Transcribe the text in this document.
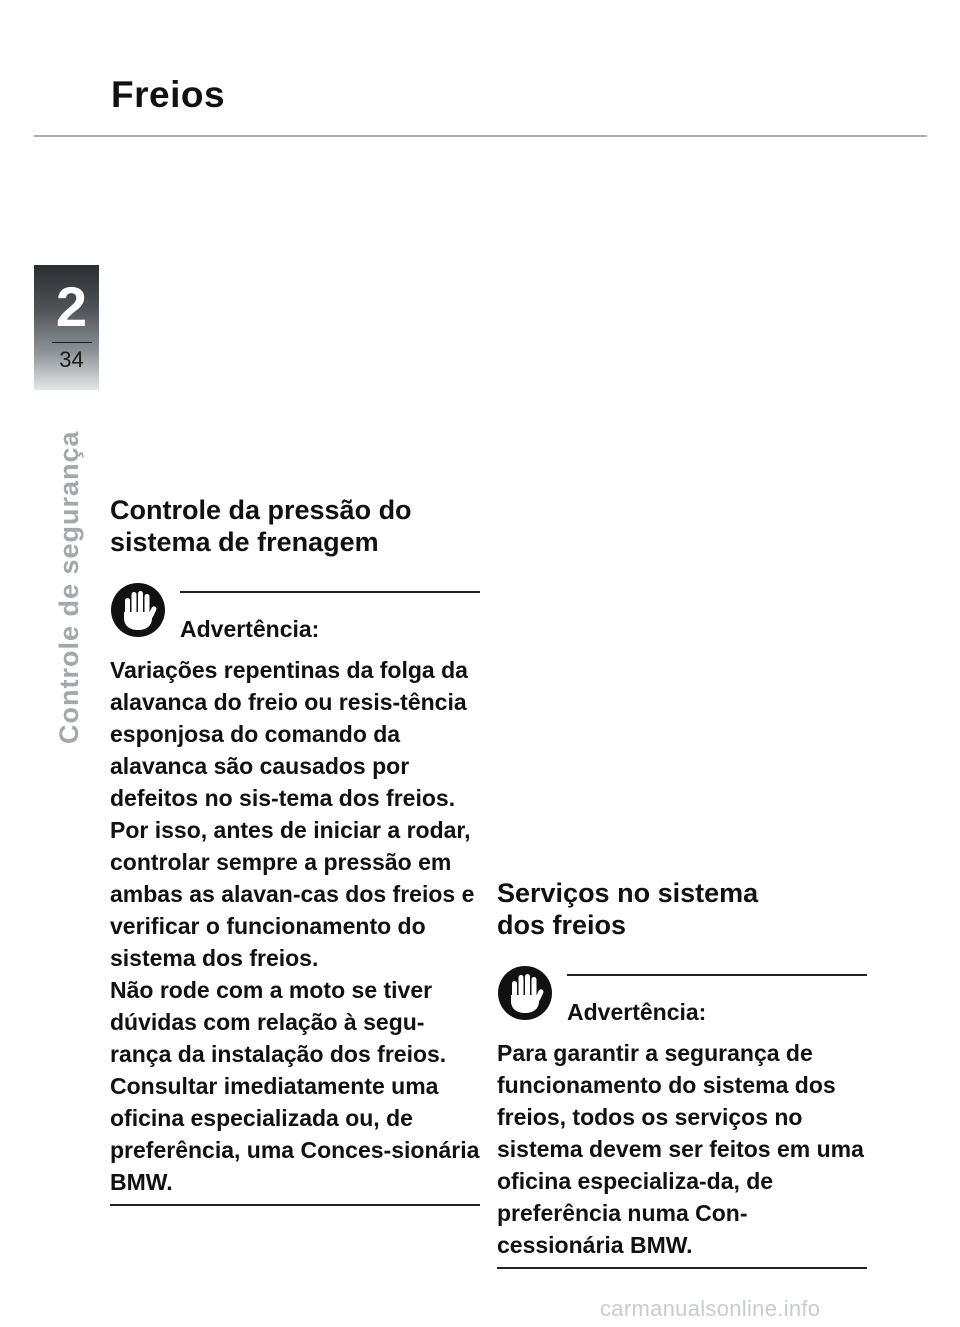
Freios
2
34
Controle de segurança Controle da pressão do
sistema de frenagem
Advertência:

Variações repentinas da folga da alavanca do freio ou resis-tência esponjosa do comando da alavanca são causados por defeitos no sis-tema dos freios.

Por isso, antes de iniciar a rodar, controlar sempre a pressão em ambas as alavan-cas dos freios e verificar o funcionamento do sistema dos freios.

Não rode com a moto se tiver dúvidas com relação à segu-rança da instalação dos freios. Consultar imediatamente uma oficina especializada ou, de preferência, uma Conces-sionária BMW.

Serviços no sistema
dos freios
Advertência:

Para garantir a segurança de funcionamento do sistema dos freios, todos os serviços no sistema devem ser feitos em uma oficina especializa-da, de preferência numa Con-cessionária BMW.

carmanualsonline.info
